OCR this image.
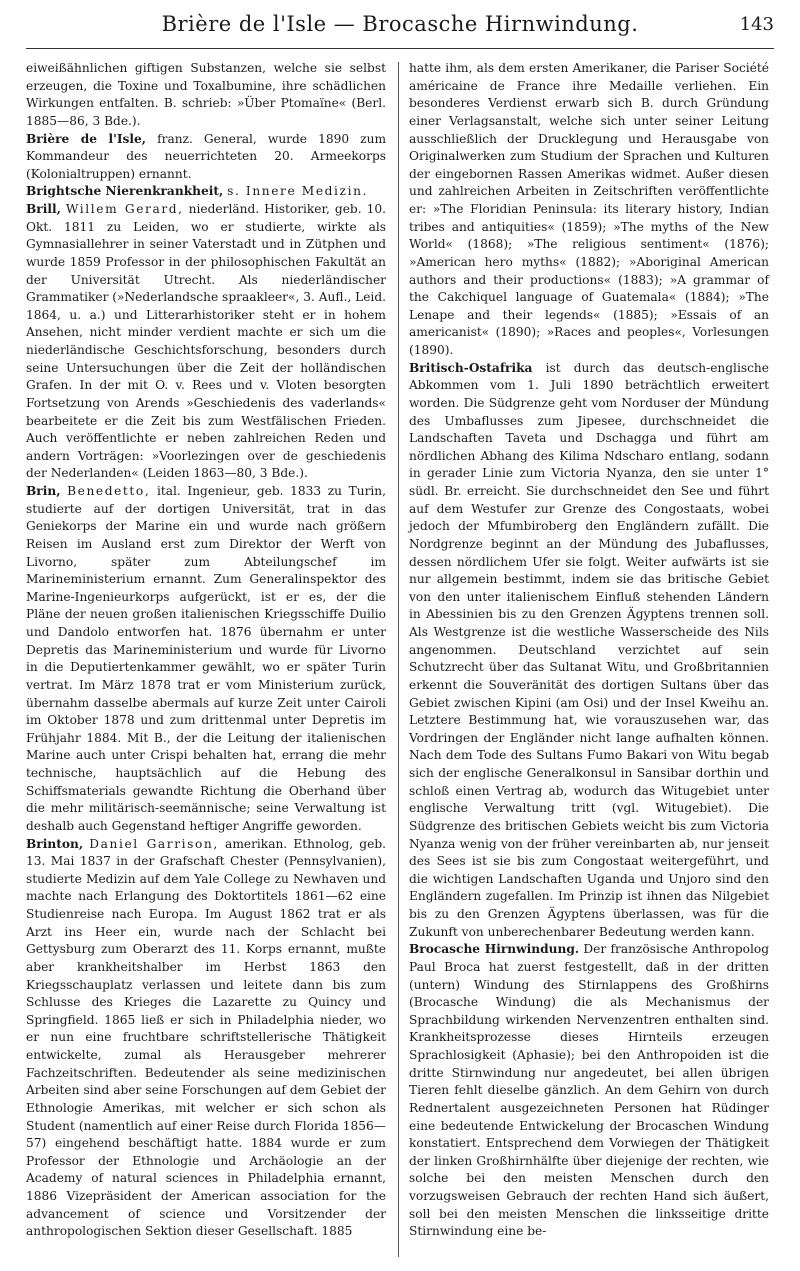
Brière de l'Isle — Brocasche Hirnwindung.	143

eiweißähnlichen giftigen Substanzen, welche sie selbst erzeugen, die Toxine und Toxalbumine, ihre schädlichen Wirkungen entfalten. B. schrieb: »Über Ptomaïne« (Berl. 1885—86, 3 Bde.).

Brière de l'Isle, franz. General, wurde 1890 zum Kommandeur des neuerrichteten 20. Armeekorps (Kolonialtruppen) ernannt.

Brightsche Nierenkrankheit, s. Innere Medizin.

Brill, Willem Gerard, niederländ. Historiker, geb. 10. Okt. 1811 zu Leiden, wo er studierte, wirkte als Gymnasiallehrer in seiner Vaterstadt und in Zütphen und wurde 1859 Professor in der philosophischen Fakultät an der Universität Utrecht. Als niederländischer Grammatiker (»Nederlandsche spraakleer«, 3. Aufl., Leid. 1864, u. a.) und Litterarhistoriker steht er in hohem Ansehen, nicht minder verdient machte er sich um die niederländische Geschichtsforschung, besonders durch seine Untersuchungen über die Zeit der holländischen Grafen. In der mit O. v. Rees und v. Vloten besorgten Fortsetzung von Arends »Geschiedenis des vaderlands« bearbeitete er die Zeit bis zum Westfälischen Frieden. Auch veröffentlichte er neben zahlreichen Reden und andern Vorträgen: »Voorlezingen over de geschiedenis der Nederlanden« (Leiden 1863—80, 3 Bde.).

Brin, Benedetto, ital. Ingenieur, geb. 1833 zu Turin, studierte auf der dortigen Universität, trat in das Geniekorps der Marine ein und wurde nach größern Reisen im Ausland erst zum Direktor der Werft von Livorno, später zum Abteilungschef im Marineministerium ernannt. Zum Generalinspektor des Marine-Ingenieurkorps aufgerückt, ist er es, der die Pläne der neuen großen italienischen Kriegsschiffe Duilio und Dandolo entworfen hat. 1876 übernahm er unter Depretis das Marineministerium und wurde für Livorno in die Deputiertenkammer gewählt, wo er später Turin vertrat. Im März 1878 trat er vom Ministerium zurück, übernahm dasselbe abermals auf kurze Zeit unter Cairoli im Oktober 1878 und zum drittenmal unter Depretis im Frühjahr 1884. Mit B., der die Leitung der italienischen Marine auch unter Crispi behalten hat, errang die mehr technische, hauptsächlich auf die Hebung des Schiffsmaterials gewandte Richtung die Oberhand über die mehr militärisch-seemännische; seine Verwaltung ist deshalb auch Gegenstand heftiger Angriffe geworden.

Brinton, Daniel Garrison, amerikan. Ethnolog, geb. 13. Mai 1837 in der Grafschaft Chester (Pennsylvanien), studierte Medizin auf dem Yale College zu Newhaven und machte nach Erlangung des Doktortitels 1861—62 eine Studienreise nach Europa. Im August 1862 trat er als Arzt ins Heer ein, wurde nach der Schlacht bei Gettysburg zum Oberarzt des 11. Korps ernannt, mußte aber krankheitshalber im Herbst 1863 den Kriegsschauplatz verlassen und leitete dann bis zum Schlusse des Krieges die Lazarette zu Quincy und Springfield. 1865 ließ er sich in Philadelphia nieder, wo er nun eine fruchtbare schriftstellerische Thätigkeit entwickelte, zumal als Herausgeber mehrerer Fachzeitschriften. Bedeutender als seine medizinischen Arbeiten sind aber seine Forschungen auf dem Gebiet der Ethnologie Amerikas, mit welcher er sich schon als Student (namentlich auf einer Reise durch Florida 1856—57) eingehend beschäftigt hatte. 1884 wurde er zum Professor der Ethnologie und Archäologie an der Academy of natural sciences in Philadelphia ernannt, 1886 Vizepräsident der American association for the advancement of science und Vorsitzender der anthropologischen Sektion dieser Gesellschaft. 1885

hatte ihm, als dem ersten Amerikaner, die Pariser Société américaine de France ihre Medaille verliehen. Ein besonderes Verdienst erwarb sich B. durch Gründung einer Verlagsanstalt, welche sich unter seiner Leitung ausschließlich der Drucklegung und Herausgabe von Originalwerken zum Studium der Sprachen und Kulturen der eingebornen Rassen Amerikas widmet. Außer diesen und zahlreichen Arbeiten in Zeitschriften veröffentlichte er: »The Floridian Peninsula: its literary history, Indian tribes and antiquities« (1859); »The myths of the New World« (1868); »The religious sentiment« (1876); »American hero myths« (1882); »Aboriginal American authors and their productions« (1883); »A grammar of the Cakchiquel language of Guatemala« (1884); »The Lenape and their legends« (1885); »Essais of an americanist« (1890); »Races and peoples«, Vorlesungen (1890).

Britisch-Ostafrika ist durch das deutsch-englische Abkommen vom 1. Juli 1890 beträchtlich erweitert worden. Die Südgrenze geht vom Norduser der Mündung des Umbaflusses zum Jipesee, durchschneidet die Landschaften Taveta und Dschagga und führt am nördlichen Abhang des Kilima Ndscharo entlang, sodann in gerader Linie zum Victoria Nyanza, den sie unter 1° südl. Br. erreicht. Sie durchschneidet den See und führt auf dem Westufer zur Grenze des Congostaats, wobei jedoch der Mfumbiroberg den Engländern zufällt. Die Nordgrenze beginnt an der Mündung des Jubaflusses, dessen nördlichem Ufer sie folgt. Weiter aufwärts ist sie nur allgemein bestimmt, indem sie das britische Gebiet von den unter italienischem Einfluß stehenden Ländern in Abessinien bis zu den Grenzen Ägyptens trennen soll. Als Westgrenze ist die westliche Wasserscheide des Nils angenommen. Deutschland verzichtet auf sein Schutzrecht über das Sultanat Witu, und Großbritannien erkennt die Souveränität des dortigen Sultans über das Gebiet zwischen Kipini (am Osi) und der Insel Kweihu an. Letztere Bestimmung hat, wie vorauszusehen war, das Vordringen der Engländer nicht lange aufhalten können. Nach dem Tode des Sultans Fumo Bakari von Witu begab sich der englische Generalkonsul in Sansibar dorthin und schloß einen Vertrag ab, wodurch das Witugebiet unter englische Verwaltung tritt (vgl. Witugebiet). Die Südgrenze des britischen Gebiets weicht bis zum Victoria Nyanza wenig von der früher vereinbarten ab, nur jenseit des Sees ist sie bis zum Congostaat weitergeführt, und die wichtigen Landschaften Uganda und Unjoro sind den Engländern zugefallen. Im Prinzip ist ihnen das Nilgebiet bis zu den Grenzen Ägyptens überlassen, was für die Zukunft von unberechenbarer Bedeutung werden kann.

Brocasche Hirnwindung. Der französische Anthropolog Paul Broca hat zuerst festgestellt, daß in der dritten (untern) Windung des Stirnlappens des Großhirns (Brocasche Windung) die als Mechanismus der Sprachbildung wirkenden Nervenzentren enthalten sind. Krankheitsprozesse dieses Hirnteils erzeugen Sprachlosigkeit (Aphasie); bei den Anthropoiden ist die dritte Stirnwindung nur angedeutet, bei allen übrigen Tieren fehlt dieselbe gänzlich. An dem Gehirn von durch Rednertalent ausgezeichneten Personen hat Rüdinger eine bedeutende Entwickelung der Brocaschen Windung konstatiert. Entsprechend dem Vorwiegen der Thätigkeit der linken Großhirnhälfte über diejenige der rechten, wie solche bei den meisten Menschen durch den vorzugsweisen Gebrauch der rechten Hand sich äußert, soll bei den meisten Menschen die linksseitige dritte Stirnwindung eine be-
